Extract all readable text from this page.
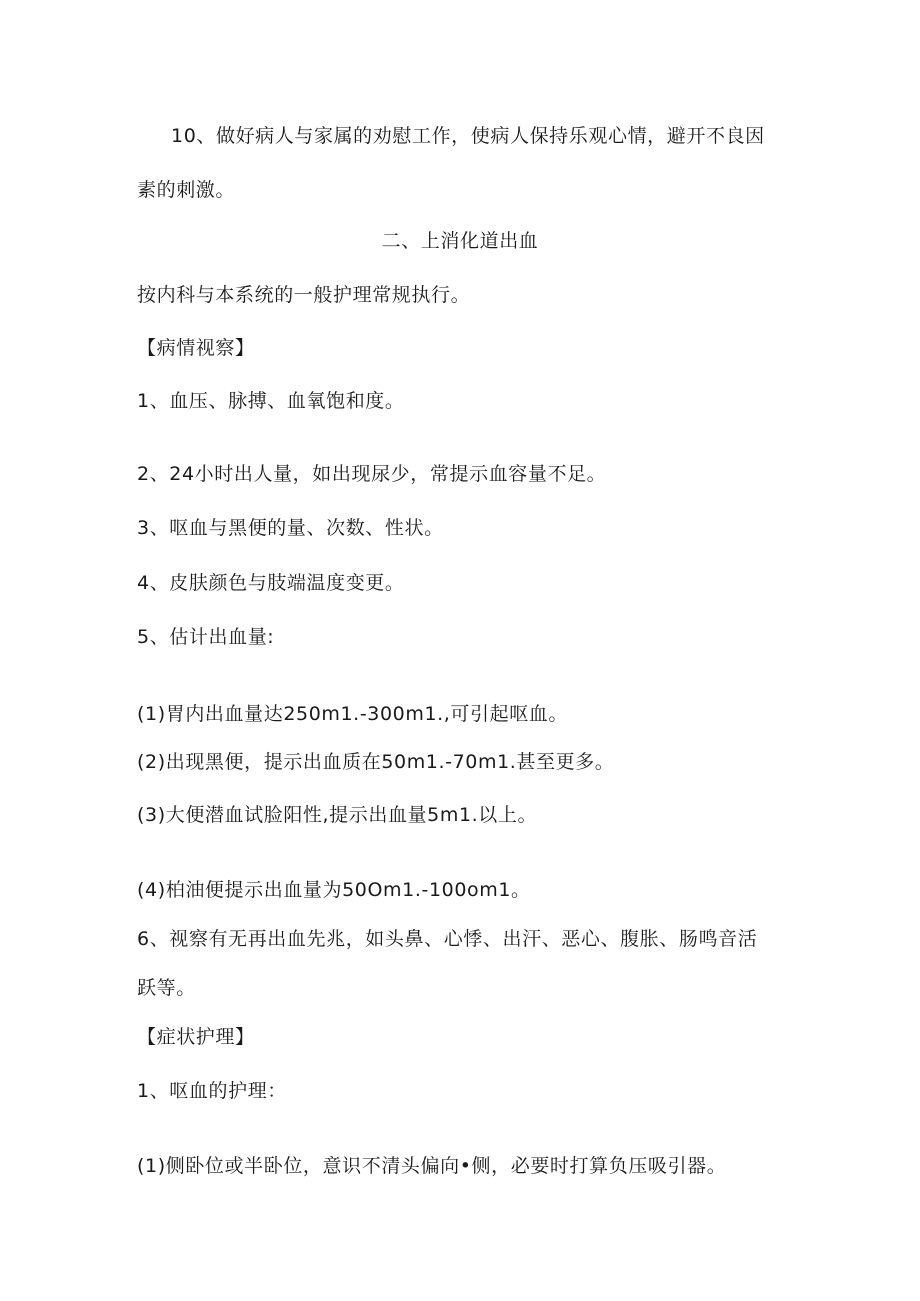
10、做好病人与家属的劝慰工作，使病人保持乐观心情，避开不良因
素的刺激。
二、上消化道出血
按内科与本系统的一般护理常规执行。
【病情视察】
1、血压、脉搏、血氧饱和度。
2、24小时出人量，如出现尿少，常提示血容量不足。
3、呕血与黑便的量、次数、性状。
4、皮肤颜色与肢端温度变更。
5、估计出血量:
(1)胃内出血量达250m1.-300m1.,可引起呕血。
(2)出现黑便，提示出血质在50m1.-70m1.甚至更多。
(3)大便潜血试脸阳性,提示出血量5m1.以上。
(4)柏油便提示出血量为50Om1.-100om1。
6、视察有无再出血先兆，如头鼻、心悸、出汗、恶心、腹胀、肠鸣音活
跃等。
【症状护理】
1、呕血的护理：
(1)侧卧位或半卧位，意识不清头偏向•侧，必要时打算负压吸引器。
